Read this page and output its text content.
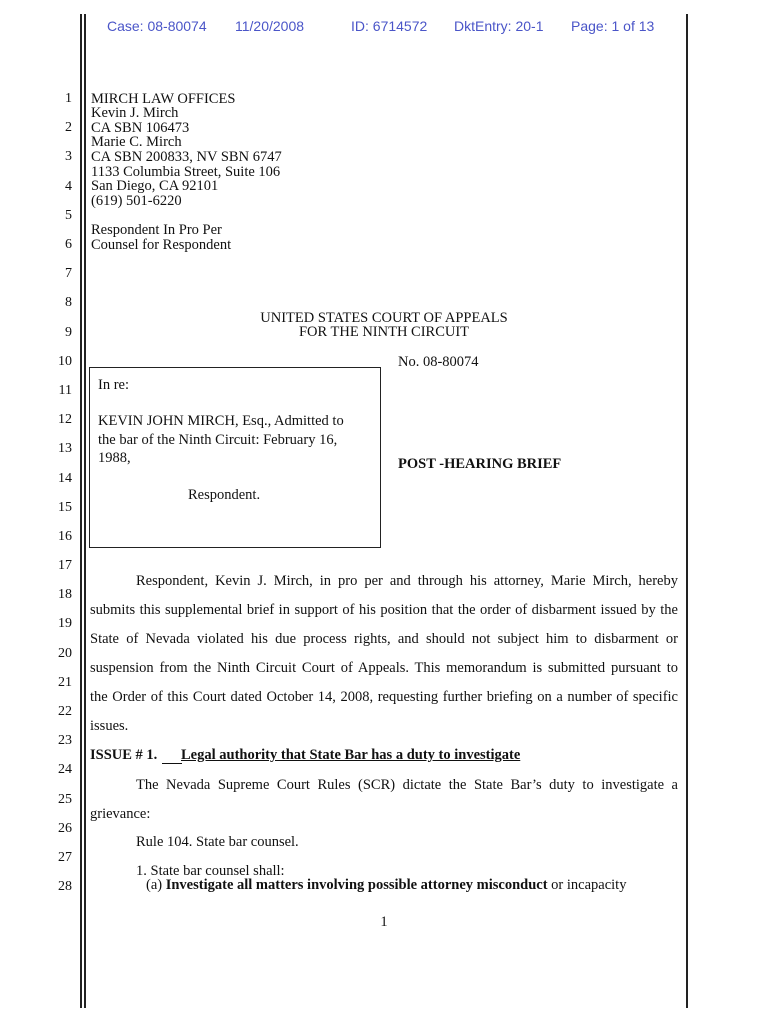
Case: 08-80074 11/20/2008	ID: 6714572 DktEntry: 20-1 Page: 1 of 13
1
2
3
4
5
6
7
8
9
10
11
12
13
14
15
16
17
18
19
20
21
22
23
24
25
26
27
28
MIRCH LAW OFFICES
Kevin J. Mirch
CA SBN 106473
Marie C. Mirch
CA SBN 200833, NV SBN 6747
1133 Columbia Street, Suite 106
San Diego, CA 92101
(619) 501-6220
Respondent In Pro Per
Counsel for Respondent
UNITED STATES COURT OF APPEALS
FOR THE NINTH CIRCUIT
No. 08-80074
In re:
KEVIN JOHN MIRCH, Esq., Admitted to
the bar of the Ninth Circuit: February 16,
1988,
Respondent.
POST -HEARING BRIEF
Respondent, Kevin J. Mirch, in pro per and through his attorney, Marie Mirch, hereby
submits this supplemental brief in support of his position that the order of disbarment issued by the
State of Nevada violated his due process rights, and should not subject him to disbarment or
suspension from the Ninth Circuit Court of Appeals. This memorandum is submitted pursuant to
the Order of this Court dated October 14, 2008, requesting further briefing on a number of specific
issues.
ISSUE # 1. Legal authority that State Bar has a duty to investigate
The Nevada Supreme Court Rules (SCR) dictate the State Bar’s duty to investigate a
grievance:
Rule 104. State bar counsel.
1. State bar counsel shall:
(a) Investigate all matters involving possible attorney misconduct or incapacity
1
